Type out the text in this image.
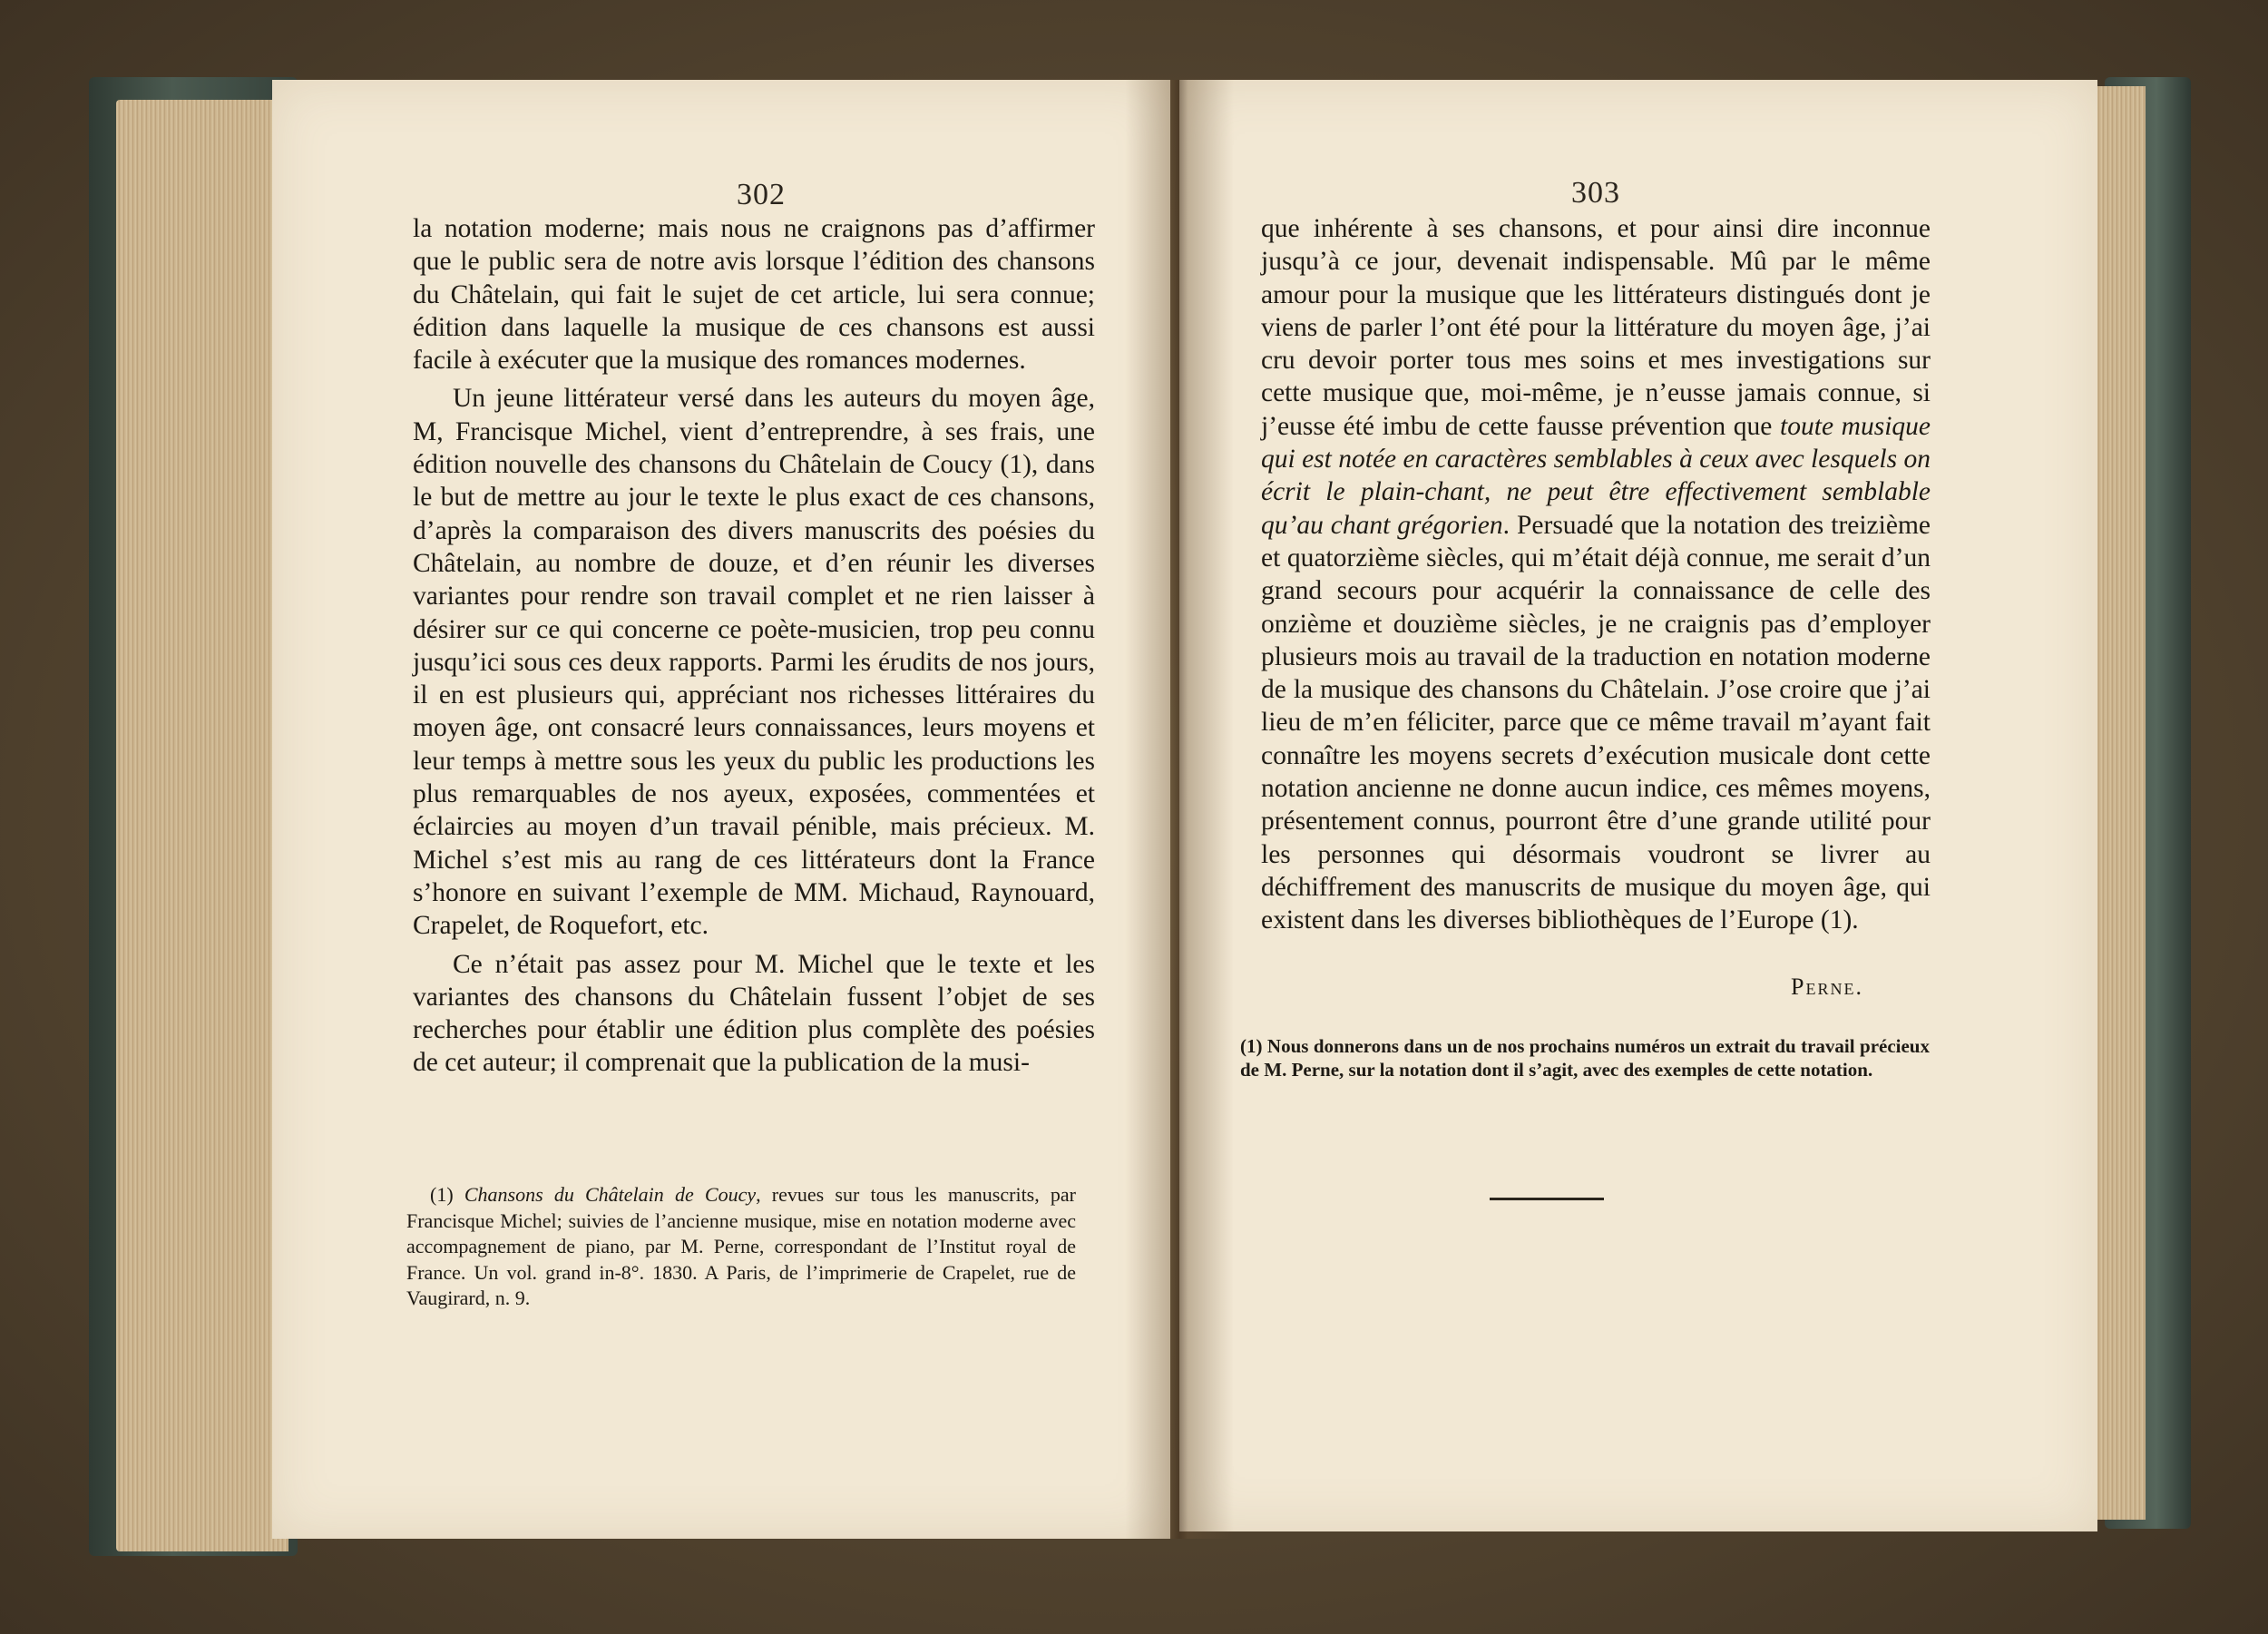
302

la notation moderne; mais nous ne craignons pas d’affirmer que le public sera de notre avis lorsque l’édition des chansons du Châtelain, qui fait le sujet de cet article, lui sera connue; édition dans laquelle la musique de ces chansons est aussi facile à exécuter que la musique des romances modernes.

Un jeune littérateur versé dans les auteurs du moyen âge, M, Francisque Michel, vient d’entreprendre, à ses frais, une édition nouvelle des chansons du Châtelain de Coucy (1), dans le but de mettre au jour le texte le plus exact de ces chansons, d’après la comparaison des divers manuscrits des poésies du Châtelain, au nombre de douze, et d’en réunir les diverses variantes pour rendre son travail complet et ne rien laisser à désirer sur ce qui concerne ce poète-musicien, trop peu connu jusqu’ici sous ces deux rapports. Parmi les érudits de nos jours, il en est plusieurs qui, appréciant nos richesses littéraires du moyen âge, ont consacré leurs connaissances, leurs moyens et leur temps à mettre sous les yeux du public les productions les plus remarquables de nos ayeux, exposées, commentées et éclaircies au moyen d’un travail pénible, mais précieux. M. Michel s’est mis au rang de ces littérateurs dont la France s’honore en suivant l’exemple de MM. Michaud, Raynouard, Crapelet, de Roquefort, etc.

Ce n’était pas assez pour M. Michel que le texte et les variantes des chansons du Châtelain fussent l’objet de ses recherches pour établir une édition plus complète des poésies de cet auteur; il comprenait que la publication de la musi-

(1) Chansons du Châtelain de Coucy, revues sur tous les manuscrits, par Francisque Michel; suivies de l’ancienne musique, mise en notation moderne avec accompagnement de piano, par M. Perne, correspondant de l’Institut royal de France. Un vol. grand in-8°. 1830. A Paris, de l’imprimerie de Crapelet, rue de Vaugirard, n. 9.
303

que inhérente à ses chansons, et pour ainsi dire inconnue jusqu’à ce jour, devenait indispensable. Mû par le même amour pour la musique que les littérateurs distingués dont je viens de parler l’ont été pour la littérature du moyen âge, j’ai cru devoir porter tous mes soins et mes investigations sur cette musique que, moi-même, je n’eusse jamais connue, si j’eusse été imbu de cette fausse prévention que toute musique qui est notée en caractères semblables à ceux avec lesquels on écrit le plain-chant, ne peut être effectivement semblable qu’au chant grégorien. Persuadé que la notation des treizième et quatorzième siècles, qui m’était déjà connue, me serait d’un grand secours pour acquérir la connaissance de celle des onzième et douzième siècles, je ne craignis pas d’employer plusieurs mois au travail de la traduction en notation moderne de la musique des chansons du Châtelain. J’ose croire que j’ai lieu de m’en féliciter, parce que ce même travail m’ayant fait connaître les moyens secrets d’exécution musicale dont cette notation ancienne ne donne aucun indice, ces mêmes moyens, présentement connus, pourront être d’une grande utilité pour les personnes qui désormais voudront se livrer au déchiffrement des manuscrits de musique du moyen âge, qui existent dans les diverses bibliothèques de l’Europe (1).

Perne.
(1) Nous donnerons dans un de nos prochains numéros un extrait du travail précieux de M. Perne, sur la notation dont il s’agit, avec des exemples de cette notation.
